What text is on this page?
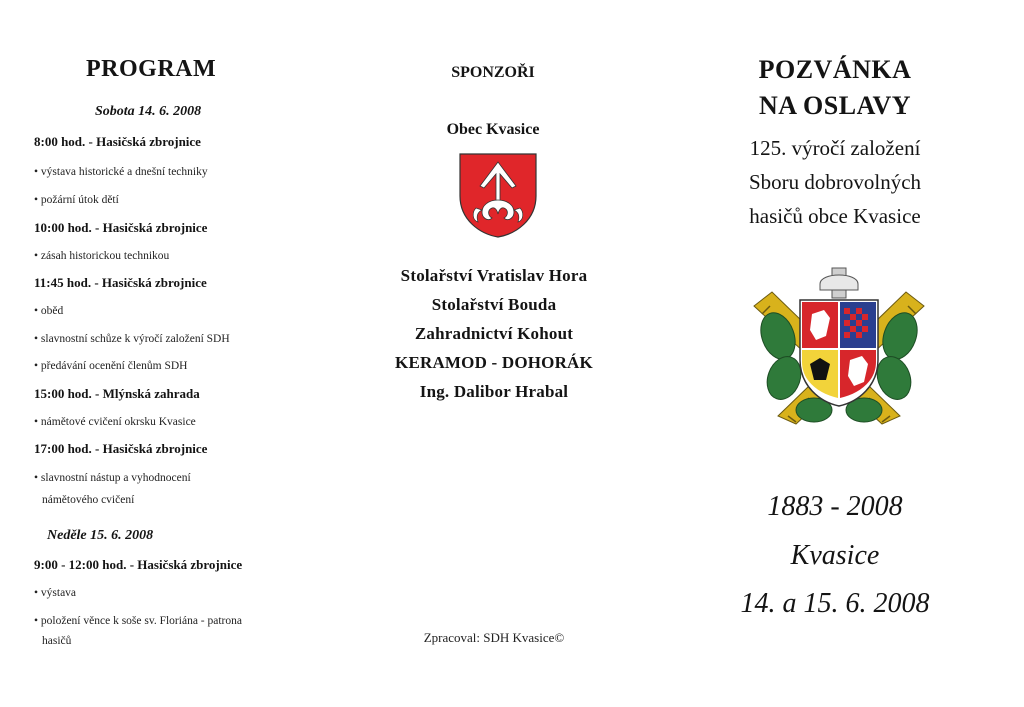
PROGRAM

Sobota 14. 6. 2008

8:00 hod. - Hasičská zbrojnice

• výstava historické a dnešní techniky

• požární útok dětí

10:00 hod. - Hasičská zbrojnice

• zásah historickou technikou

11:45 hod. - Hasičská zbrojnice

• oběd

• slavnostní schůze k výročí založení SDH

• předávání ocenění členům SDH

15:00 hod. - Mlýnská zahrada

• námětové cvičení okrsku Kvasice

17:00 hod. - Hasičská zbrojnice

• slavnostní nástup a vyhodnocení
námětového cvičení

Neděle 15. 6. 2008

9:00 - 12:00 hod. - Hasičská zbrojnice

• výstava

• položení věnce k soše sv. Floriána - patrona
hasičů

SPONZOŘI

Obec Kvasice

Stolařství Vratislav Hora

Stolařství Bouda

Zahradnictví Kohout

KERAMOD - DOHORÁK

Ing. Dalibor Hrabal

Zpracoval: SDH Kvasice©

POZVÁNKA
NA OSLAVY

125. výročí založení

Sboru dobrovolných

hasičů obce Kvasice

1883 - 2008

Kvasice

14. a 15. 6. 2008
